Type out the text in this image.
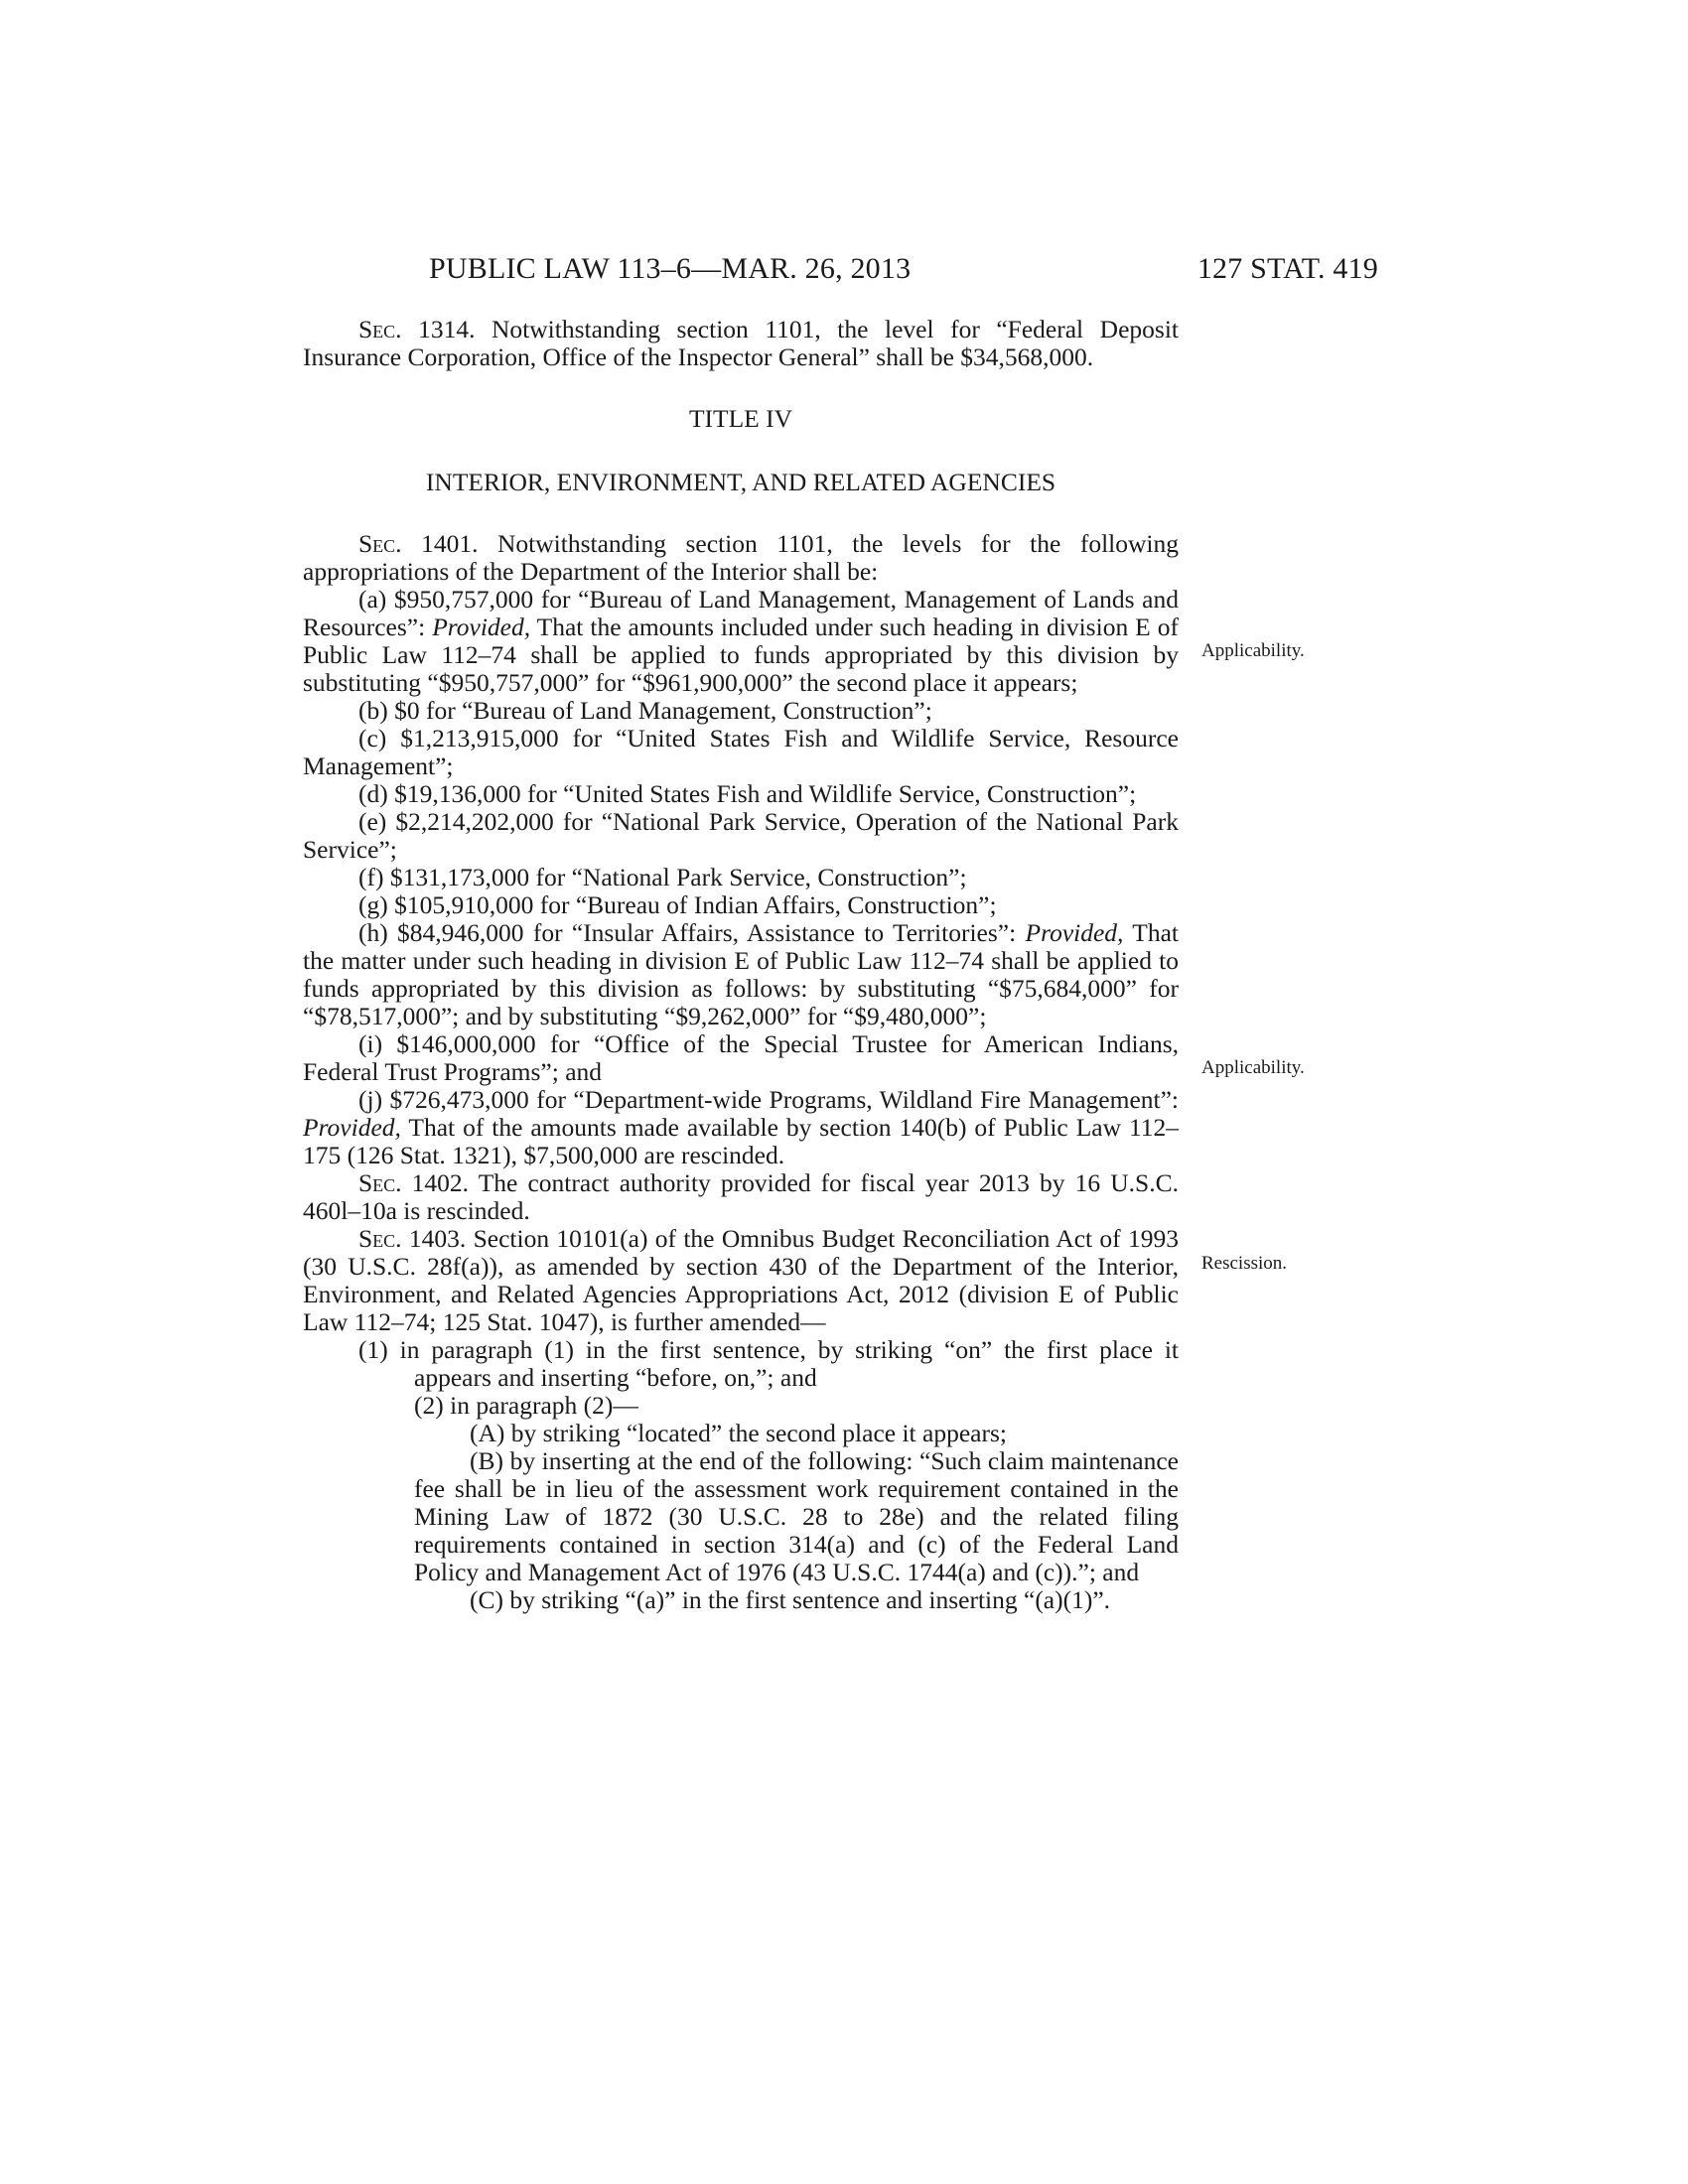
PUBLIC LAW 113–6—MAR. 26, 2013	127 STAT. 419
Applicability.
Applicability.
Rescission.

Sec. 1314. Notwithstanding section 1101, the level for “Federal Deposit Insurance Corporation, Office of the Inspector General” shall be $34,568,000.

TITLE IV

INTERIOR, ENVIRONMENT, AND RELATED AGENCIES

Sec. 1401. Notwithstanding section 1101, the levels for the following appropriations of the Department of the Interior shall be:

(a) $950,757,000 for “Bureau of Land Management, Management of Lands and Resources”: Provided, That the amounts included under such heading in division E of Public Law 112–74 shall be applied to funds appropriated by this division by substituting “$950,757,000” for “$961,900,000” the second place it appears;

(b) $0 for “Bureau of Land Management, Construction”;

(c) $1,213,915,000 for “United States Fish and Wildlife Service, Resource Management”;

(d) $19,136,000 for “United States Fish and Wildlife Service, Construction”;

(e) $2,214,202,000 for “National Park Service, Operation of the National Park Service”;

(f) $131,173,000 for “National Park Service, Construction”;

(g) $105,910,000 for “Bureau of Indian Affairs, Construction”;

(h) $84,946,000 for “Insular Affairs, Assistance to Territories”: Provided, That the matter under such heading in division E of Public Law 112–74 shall be applied to funds appropriated by this division as follows: by substituting “$75,684,000” for “$78,517,000”; and by substituting “$9,262,000” for “$9,480,000”;

(i) $146,000,000 for “Office of the Special Trustee for American Indians, Federal Trust Programs”; and

(j) $726,473,000 for “Department-wide Programs, Wildland Fire Management”: Provided, That of the amounts made available by section 140(b) of Public Law 112–175 (126 Stat. 1321), $7,500,000 are rescinded.

Sec. 1402. The contract authority provided for fiscal year 2013 by 16 U.S.C. 460l–10a is rescinded.

Sec. 1403. Section 10101(a) of the Omnibus Budget Reconciliation Act of 1993 (30 U.S.C. 28f(a)), as amended by section 430 of the Department of the Interior, Environment, and Related Agencies Appropriations Act, 2012 (division E of Public Law 112–74; 125 Stat. 1047), is further amended—

(1) in paragraph (1) in the first sentence, by striking “on” the first place it appears and inserting “before, on,”; and

(2) in paragraph (2)—

(A) by striking “located” the second place it appears;

(B) by inserting at the end of the following: “Such claim maintenance fee shall be in lieu of the assessment work requirement contained in the Mining Law of 1872 (30 U.S.C. 28 to 28e) and the related filing requirements contained in section 314(a) and (c) of the Federal Land Policy and Management Act of 1976 (43 U.S.C. 1744(a) and (c)).”; and

(C) by striking “(a)” in the first sentence and inserting “(a)(1)”.
